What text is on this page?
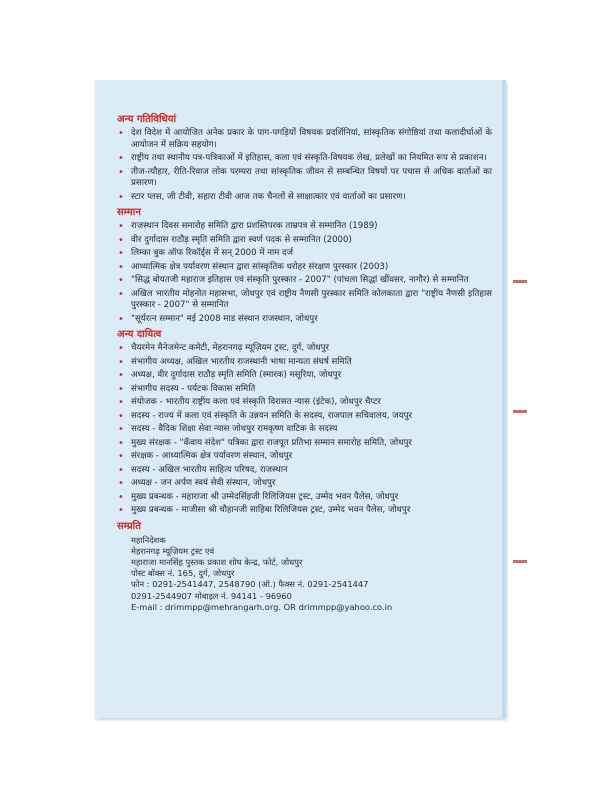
अन्य गतिविधियां
• देश विदेश में आयोजित अनेक प्रकार के पाग-पगड़ियों विषयक प्रदर्शिनियां, सांस्कृतिक संगोष्ठियां तथा कलादीर्घाओं के आयोजन में सक्रिय सहयोग।
• राष्ट्रीय तथा स्थानीय पत्र-पत्रिकाओं में इतिहास, कला एवं संस्कृति-विषयक लेख, प्रलेखों का नियमित रूप से प्रकाशन।
• तीज-त्यौहार, रीति-रिवाज लोक परम्परा तथा सांस्कृतिक जीवन से सम्बन्धित विषयों पर पचास से अधिक वार्ताओं का प्रसारण।
• स्टार प्लस, जी टीवी, सहारा टीवी आज तक चैनलों से साक्षात्कार एवं वार्ताओं का प्रसारण।
सम्मान
• राजस्थान दिवस समारोह समिति द्वारा प्रशस्तिपरक ताम्रपत्र से सम्मानित (1989)
• वीर दुर्गादास राठौड़ स्मृति समिति द्वारा स्वर्ण पदक से सम्मानित (2000)
• लिम्का बुक ऑफ रिकॉर्ड्स में सन् 2000 में नाम दर्ज
• आध्यात्मिक क्षेत्र पर्यावरण संस्थान द्वारा सांस्कृतिक धरोहर संरक्षण पुरस्कार (2003)
• "सिद्ध बोयतजी महाराज इतिहास एवं संस्कृति पुरस्कार - 2007" (पांचला सिद्धां खींवसर, नागौर) से सम्मानित
• अखिल भारतीय मोहनोत महासभा, जोधपुर एवं राष्ट्रीय नैणसी पुरस्कार समिति कोलकाता द्वारा "राष्ट्रीय नैणसी इतिहास पुरस्कार - 2007" से सम्मानित
• "सूर्यरत्न सम्मान" मई 2008 माड संस्थान राजस्थान, जोधपुर
अन्य दायित्व
• चैयरमेन मैनेजमेन्ट कमेटी, मेहरानगढ़ म्यूज़ियम ट्रस्ट, दुर्ग, जोधपुर
• संभागीय अध्यक्ष, अखिल भारतीय राजस्थानी भाषा मान्यता संघर्ष समिति
• अध्यक्ष, वीर दुर्गादास राठौड़ स्मृति समिति (स्मारक) मसूरिया, जोधपुर
• संभागीय सदस्य - पर्यटक विकास समिति
• संयोजक - भारतीय राष्ट्रीय कला एवं संस्कृति विरासत न्यास (इंटेक), जोधपुर चैप्टर
• सदस्य - राज्य में कला एवं संस्कृति के उन्नयन समिति के सदस्य, राजपाल सचिवालय, जयपुर
• सदस्य - वैदिक शिक्षा सेवा न्यास जोधपुर रामकृष्ण वाटिक के सदस्य
• मुख्य संरक्षक - "कँवाय संदेश" पत्रिका द्वारा राजपूत प्रतिभा सम्मान समारोह समिति, जोधपुर
• संरक्षक - आध्यात्मिक क्षेत्र पर्यावरण संस्थान, जोधपुर
• सदस्य - अखिल भारतीय साहित्य परिषद, राजस्थान
• अध्यक्ष - जन अर्पण स्वयं सेवी संस्थान, जोधपुर
• मुख्य प्रबन्धक - महाराजा श्री उम्मेदसिंहजी रिलिजियस ट्रस्ट, उम्मेद भवन पैलेस, जोधपुर
• मुख्य प्रबन्धक - माजीसा श्री चौहानजी साहिबा रिलिजियस ट्रस्ट, उम्मेद भवन पैलेस, जोधपुर
सम्प्रति
महानिदेशक
मेहरानगढ़ म्यूज़ियम ट्रस्ट एवं
महाराजा मानसिंह पुस्तक प्रकाश शोध केन्द्र, फोर्ट, जोधपुर
पोस्ट बॉक्स नं. 165, दुर्ग, जोधपुर
फोन : 0291-2541447, 2548790 (ऑ.) फैक्स नं. 0291-2541447
0291-2544907 मोबाइल नं. 94141 - 96960
E-mail : drimmpp@mehrangarh.org. OR drimmpp@yahoo.co.in
